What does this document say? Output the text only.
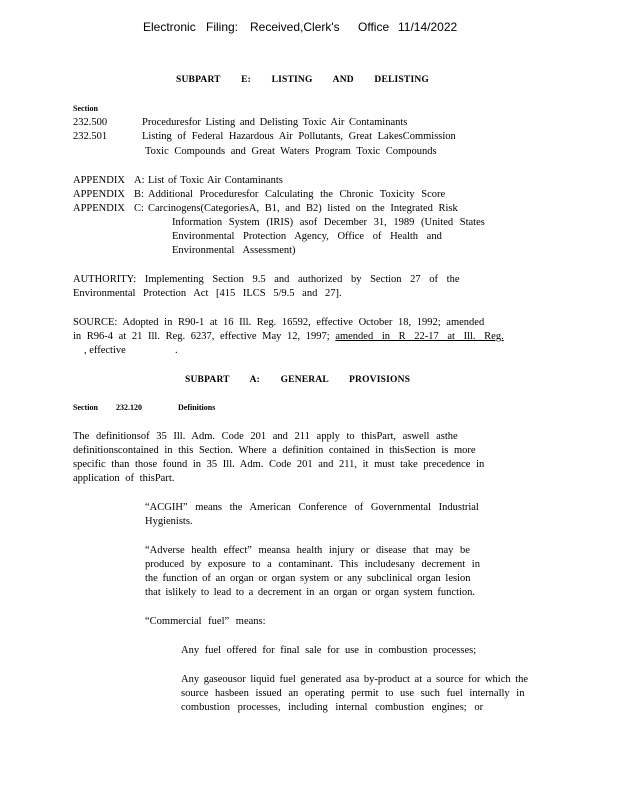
Electronic Filing: Received,Clerk's Office 11/14/2022
SUBPART E: LISTING AND DELISTING
Section
232.500	Proceduresfor Listing and Delisting Toxic Air Contaminants
232.501	Listing of Federal Hazardous Air Pollutants, Great LakesCommission
Toxic Compounds and Great Waters Program Toxic Compounds
APPENDIX A: List of Toxic Air Contaminants
APPENDIX B: Additional Proceduresfor Calculating the Chronic Toxicity Score
APPENDIX C: Carcinogens(CategoriesA, B1, and B2) listed on the Integrated Risk
Information System (IRIS) asof December 31, 1989 (United States
Environmental Protection Agency, Office of Health and
Environmental Assessment)
AUTHORITY: Implementing Section 9.5 and authorized by Section 27 of the
Environmental Protection Act [415 ILCS 5/9.5 and 27].
SOURCE: Adopted in R90-1 at 16 Ill. Reg. 16592, effective October 18, 1992; amended
in R96-4 at 21 Ill. Reg. 6237, effective May 12, 1997; amended in R 22-17 at Ill. Reg.
, effective	.
SUBPART A: GENERAL PROVISIONS
Section 232.120	Definitions
The definitionsof 35 Ill. Adm. Code 201 and 211 apply to thisPart, aswell asthe
definitionscontained in this Section. Where a definition contained in thisSection is more
specific than those found in 35 Ill. Adm. Code 201 and 211, it must take precedence in
application of thisPart.
“ACGIH” means the American Conference of Governmental Industrial
Hygienists.
“Adverse health effect” meansa health injury or disease that may be
produced by exposure to a contaminant. This includesany decrement in
the function of an organ or organ system or any subclinical organ lesion
that islikely to lead to a decrement in an organ or organ system function.
“Commercial fuel” means:
Any fuel offered for final sale for use in combustion processes;
Any gaseousor liquid fuel generated asa by-product at a source for which the
source hasbeen issued an operating permit to use such fuel internally in
combustion processes, including internal combustion engines; or
